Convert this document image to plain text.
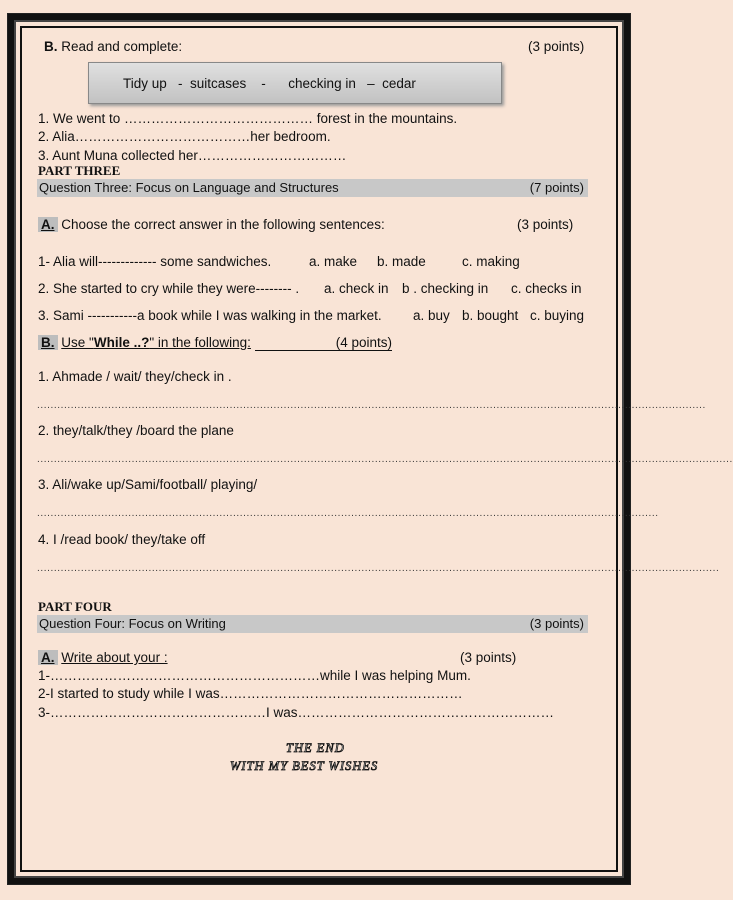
B. Read and complete:	(3 points)
Tidy up   -  suitcases    -      checking in   –  cedar
1. We went to …………………………………… forest in the mountains.
2. Alia…………………………………her bedroom.
3. Aunt Muna collected her……………………………
PART THREE
Question Three: Focus on Language and Structures	(7 points)
A. Choose the correct answer in the following sentences:	(3 points)
1- Alia will------------- some sandwiches.	a. make b. made	c. making
2. She started to cry while they were-------- . a. check in b . checking in c. checks in
3. Sami -----------a book while I was walking in the market. a. buy b. bought c. buying
B. Use "While ..?" in the following:	(4 points)
1. Ahmade / wait/ they/check in .
......................................................................................................................................................................................................
2. they/talk/they /board the plane
..............................................................................................................................................................................................................
3. Ali/wake up/Sami/football/ playing/
........................................................................................................................................................................................
4. I /read book/ they/take off
..........................................................................................................................................................................................................
PART FOUR
Question Four: Focus on Writing	(3 points)
A. Write about your :	(3 points)
1-……………………………………………………while I was helping Mum.
2-I started to study while I was………………………………………………
3-…………………………………………I was…………………………………………………
THE END
WITH MY BEST WISHES
